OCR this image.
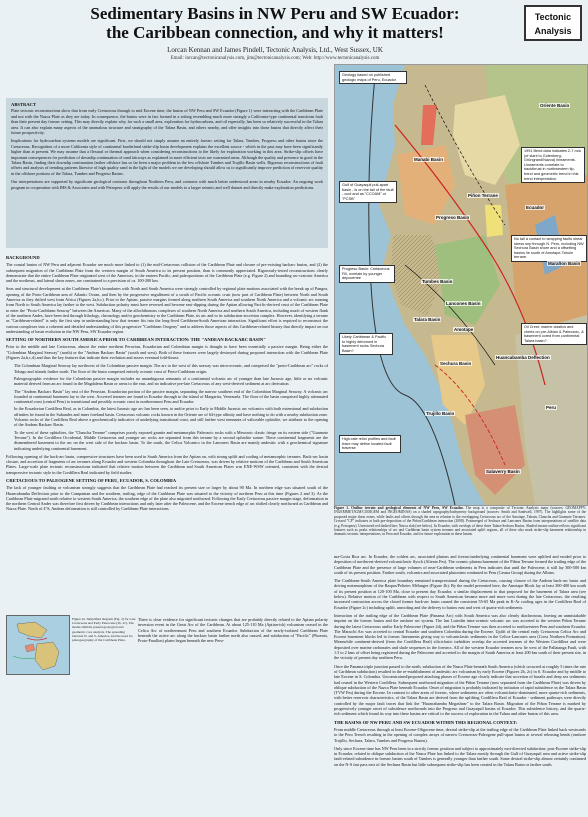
Sedimentary Basins in NW Peru and SW Ecuador:
the Caribbean connection, and why it matters!
Tectonic
Analysis
Lorcan Kennan and James Pindell, Tectonic Analysis, Ltd., West Sussex, UK
Email: lorcan@tectonicanalysis.com, jim@tectonicanalysis.com; Web: http://www.tectonicanalysis.com
ABSTRACT

Plate tectonic reconstructions show that from early Cretaceous through to mid Eocene time, the basins of NW Peru and SW Ecuador (Figure 1) were interacting with the Caribbean Plate and not with the Nazca Plate as they are today. In consequence, the basins were in fact formed in a setting resembling much more strongly a California-type continental transform fault than their present day forearc setting. This may directly explain why, for such a small area, exploration for hydrocarbons, and oil especially, has been so relatively successful in the Talara area. It can also explain many aspects of the anomalous structure and stratigraphy of the Talara Basin, and others nearby, and offer insights into those basins that directly affect their future prospectivity.

Implications for hydrocarbon systems models are significant. First, we should not simply assume an entirely forearc setting for Talara, Tumbes, Progreso and other basins since the Cretaceous. Recognition of a more California style of continental borderland strike-slip basin development explains the excellent source - which in the past may have been significantly higher than at present. We may assume that a flexural or thermal approach when considering reconstructions to the likely for exploration working in this area. Strike-slip offsets have important consequences for prediction of downdip continuation of sand fairways as explained in more efficient tests are warranted areas. Although the quality and presence in good in the Talara Basin, finding their downdip continuation farther offshore has so far been a major problem in the few offshore Tumbes and Trujillo Basin wells. Rigorous reconstructions of fault offsets and analysis of trending patterns likewise of high quality sand in the light of the models we are developing should allow us to significantly improve prediction of reservoir quality in the offshore portions of the Talara, Tumbes and Progreso Basins.

Our interpretations are supported by significant geological contrasts throughout Northern Peru, and contrasts with much better understood areas in nearby Ecuador. An ongoing work program in cooperation with IHS & Associates and with Petroperu will apply the results of our models to a larger seismic and well dataset and directly make exploration predictions.

BACKGROUND

The coastal basins of NW Peru and adjacent Ecuador are much more linked to (1) the mid-Cretaceous collision of the Caribbean Plate and closure of pre-existing backarc basins, and (2) the subsequent migration of the Caribbean Plate from the western margin of South America to its present position, than is commonly appreciated. Rigorously-tested reconstructions clearly demonstrate that the entire Caribbean Plate originated west of the Americas, in the eastern Pacific, and paleopositions of the Caribbean Plate (e.g. Figure 2) and bounding arc-cratonic America and the northeast, and lateral shear zones, are constrained to a precision of ca. 100-200 km.

Seas and structural development at the Caribbean Plate's boundaries with North and South America were strongly controlled by regional plate motions associated with the break up of Pangea, opening of the Proto-Caribbean arm of Atlantic Ocean, and then by the progressive engulfment of a swath of Pacific oceanic crust (now part of Caribbean Plate) between North and South America as they drifted west from Africa (Figures 2a,b,c). Prior to the Aptian, passive margins formed along northern South America and southern North America and a volcanic arc running from North to South America lay farther to the west. Subduction polarity must have reversed and become east-dipping during the Aptian allowing Pacific-derived crust of the Caribbean Plate to enter the "Proto-Caribbean Seaway" between the Americas. Many of the allochthonous complexes of southern North America and northern South America, including much of western flank of the northern Andes, have been tied through lithology, chronology and/or geochemistry to the Caribbean Plate, its arc and to its subduction-accretion complex. However, identifying a terrane as "Caribbean-related" is only the first step in understanding how that terrane fits into the long-lived Caribbean-South American interaction. Significant effort is required to reconstruct the various complexes into a coherent and detailed understanding of this progressive "Caribbean Orogeny" and to address those aspects of this Caribbean-related history that directly impact on our understanding of basin evolution in the NW Peru, SW Ecuador region.

SETTING OF NORTHERN SOUTH AMERICA PRIOR TO CARIBBEAN INTERACTION: THE "ANDEAN BACKARC BASIN"

Prior to the middle and late Cretaceous, almost the entire northern Peruvian, Ecuadorian and Colombian margin is thought to have been essentially a passive margin. Being either the "Colombian Marginal Seaway" (north) or the "Andean Backarc Basin" (south and west). Both of these features were largely destroyed during proposed interaction with the Caribbean Plate (Figures 2a,b,c,d) and thus the key features that indicate their evolution and assess eventual fold-thrust:

• The Colombian Marginal Seaway lay northwest of the Colombian passive margin. The arc to the west of this seaway was intra-oceanic, and comprised the "proto-Caribbean arc" rocks of Tobago and islands farther north. The floor of the basin comprised entirely oceanic crust of Proto-Caribbean origin.
• Paleogeographic evidence for the Colombian passive margin includes no unambiguous remnants of a continental volcanic arc of younger than late Jurassic age, little or no volcanic material derived from an arc found in the Magdalena Basin or areas to the east, and no indicative pre-late Cretaceous of any west-derived sediment at arc derivation.
• The "Andean Backarc Basin" lay east of the Peruvian, Ecuadorian portion of the passive margin, separating the narrow southern end of the Colombian Marginal Seaway. A volcanic arc founded at continental basement lay to the west. Accreted terranes are found in Ecuador through to the island of Margarita, Venezuela. The floor of the basin comprised highly attenuated continental crust (central Peru) to transitional and possibly oceanic crust in northernmost Peru and Ecuador.
• In the Ecuadorian Cordillera Real, as in Colombia, the latest Jurassic age arc has been seen, to and/or prior to Early to Middle Jurassic arc volcanics with both extensional and subduction affinities be found in the Subandes and inner foreland basin. Cretaceous volcanic rocks known in the Oriente are of 64-type affinity and have nothing to do with a nearby subduction zone. Volcanic rocks of the Cordillera Real above a geochemically indicative of underlying transitional crust, and still farther west remnants of valiceable ophiolite, we attribute to the opening of the Andean Backarc Basin.
• To the west of these ophiolites, the "Chaucha Terrane" comprises poorly exposed granite and metamorphic Paleozoic rocks with a Mesozoic clastic fringe on its eastern side ("Guamote Terrane"). In the Cordillera Occidental, Middle Cretaceous and younger arc rocks are separated from this terrane by a second ophiolite suture. These continental fragments are the dismembered basement to the arc on the west side of the backarc basin. To the south, the Celica Volcanics in the Lancones Basin are mainly andesitic with a geochemical signature indicating underlying continental basement.

Following opening of the back-arc basin, compressive structures have been used in South America from the Aptian on, with strong uplift and cooling of metamorphic terranes. Back-arc basin closure, and accretion of fragments of arc terranes along Ecuador and western Colombia throughout the Late Cretaceous, was driven by relative motions of the Caribbean and South American Plates. Large-scale plate tectonic reconstructions indicated that relative motion between the Caribbean and South American Plates was ENE-WSW oriented, consistent with the dextral transpressive tectonic style in the Cordillera Real indicated by field studies.

CRETACEOUS TO PALEOGENE SETTING OF PERU, ECUADOR, S. COLOMBIA

The lack of younger faulting or volcanism strongly suggests that the Caribbean Plate had reached its present size or larger by about 90 Ma. In northern edge was situated south of the Huancabamba Deflection prior to the Campanian and the southern, trailing, edge of the Caribbean Plate was situated to the vicinity of northern Peru at this time (Figures 2 and 3). As the Caribbean Plate migrated north relative to western South America, the southern edge of the plate also migrated northward. Following the Early Cretaceous passive margin stage, deformation in the northern Central Andes was therefore first driven by Caribbean interactions and only later after the Paleocene, and the Eocene trench edge of arc shifted clearly northward as Caribbean and Nazca Plate. North of 4°S, Andean deformation is still controlled by Caribbean Plate interactions.

Figure 2a. Simplified diagram (Fig. 2) for Late Cretaceous and Early Paleocene (2b, 2c). The model exhibits present geological and geometric core analysis. The spreading between N. and S. America, and the need for paleogeography of the Caribbean Plate.

There is clear evidence for significant tectonic changes that are probably directly related to the Aptian polarity inversion event in the Great Arc of the Caribbean. At about 125-110 Ma (Aptian-ish) volcanism ceased in the Celica Arc of northernmost Peru and southern Ecuador. Subduction of the newly-isolated Caribbean Plate beneath the active arc along the backarc basin farther north also caused, and subduction of "Pacific" (Phoenix, Proto-Farallon) plates began beneath the new Peru-

Geology based on published geologic maps of Peru, Ecuador
1991 Bend data indicates 2-7 m/a (of slant to Gutenberg-Grüngrand/Nazca) lineaments. Lineaments correlate to backthrust in northwestern tip, trend and geometric trend in this trend interpretation.
Gulf of Guayaquil pull-apart basin - is on the tail of the fault - cool and as "CCOAM" or "PCSB"
No tall a contact to wrapping faults shear stress sep through N. Peru, including NW Sechura Basin shore and a offsetting basins lie south of Amotape-Tahuin terrane.
Progreso Basin: Cretaceous Fill, overlain by younger depocentre
Oil Crest: marine clastics and cherts on pre-Albian & Paleozoic, & basement cored from continental Talara basin?
Likely Caribbean & Pacific to highly deformed in basement rocks Sechura Basin?
High-rate relict profiles and fault trace may define located fault traverse
Manabi Basin
Oriente Basin
Progreso Basin
Piñon Terrane
Tumbes Basin
Lancones Basin
Talara Basin
Amotape
Sechura Basin
Huancabamba Deflection
Marañon Basin
Trujillo Basin
Salaverry Basin
Peru
Ecuador
Figure 1. Outline terrain and geological elements of NW Peru, SW Ecuador. The map is a composite of Tectonic Analysis maps (sources: GEOMAPPY: INGEMMET/IGM/CODIGEM and INGEOMINAS) on a shaded topography/bathymetry background (sources: Smith and Sandwell, 1997). The highlights some of the proposed major shear zones, while faults and offsets through the area in relation to the overlapping Cretaceous arc of the Amotape, Tahuin, Chaucha and Guamote Terranes. Crossed "CP" indicates at both pre-deposition of the Piñon/Caribbean interaction (2008). Postmerged of Sechura and Lancones Basins from interpretations of satellite data (e.g. Petroperu). Unrestored red dashed line; Nazca slab (see below). In Ecuador, with overlaps of these three Talara-Sechura Basins. Shaded terrane outline reflects significant features such as peaks relationships of arc and Caribbean basin system terranes and associated uplift regions, all of these also mark strike-slip basement relationship in dramatic tectonic interpretations, in Peru and Ecuador, and for future exploration in these basins.

ma-Costa Rica arc. In Ecuador, the coldest arc, associated plutons and forearc/underlying continental basement were uplifted and eroded prior to deposition of northwest-derived volcaniclastic flysch (Aliento Fm). The oceanic plateau basement of the Piñon Terrane formed the trailing edge of the Caribbean Plate and the presence of large volumes of near-Caribbean sediments in Peru indicates that until the Paleocene, it still lay 300-500 km south of its present position. Farther south, volcanics and associated plutonism continued in Peru (Casma Group) during the Albian.

The Caribbean-South America plate boundary remained transpressional during the Cretaceous, causing closure of the Andean back-arc basin and driving metamorphism of the Raspas/Peltetec Mélanges (Figure 2b). By the model presented here, the Amotape Block lay at least 300-400 km south of its present position at 120-100 Ma, close to present day Ecuador, a similar displacement to that proposed for the basement of Talara area (see below). Relative motion of the Caribbean with respect to South American became more and more west during the late Cretaceous, the resulting increased contraction across the closed former back-arc basin caused the consistent 55-65 Ma peak in K-Ar cooling ages in the Cordillera Real of Ecuador (Figure 2c) including uplift, unroofing and the delivery to basins east and west of quartz-rich sediments.

Interaction of the trailing edge of the Caribbean Plate (Panama Arc) with South America was also clearly diachronous, leaving an unmistakable imprint on the forearc basins and the onshore arc system. The last Luteolin intra-oceanic volcanic arc was accreted to the western Piñon Terrane during the latest Cretaceous and/or Early Paleocene (Figure 2d), and the Piñon Terrane was then accreted to northwestern Peru and southern Ecuador. The Macuchi Arc was accreted to central Ecuador and southern Colombia during the Eocene. Uplift of the central early Cretaceous Celica Arc and Eocene basement blocks led to forearc lineaments giving way to volcaniclastic sediments in the Celica-Lancones area (Cross Northern Formation). Meanwhile continent-derived (from the Cordillera Real) siliciclastic turbidites overlap the accreted terranes of the Western Cordillera and were deposited over marine carbonates and shale sequences in the forearcs. All of the western Ecuador terranes now lie west of the Pallatanga Fault, with 1.5 to 2 kms of offset being registered during the Paleocene and accreted to the margin of South America at least 200 km south of their present site, in the vicinity of present day northern Peru.

Once the Panama triple junction passed to the north, subduction of the Nazca Plate beneath South America (which occurred at roughly 5 times the rate of Caribbean subduction) resulted in the re-establishment of andesitic arc volcanism by early Eocene (Figures 2b, 2c) in S. Ecuador and by middle to late Eocene in S. Colombia. Unconstrained/proposed attaching phases of Eocene age clearly indicate that accretion of basalts and deep sea sediments had ceased in the Western Cordillera. Subsequent northward migration of the Piñon Terrane (now separated from the Caribbean Plate) was driven by oblique subduction of the Nazca Plate beneath Ecuador. Onset of migration is probably indicated by initiation of rapid subsidence in the Talara Basin (TVW Fm) during the Eocene. In contrast to other areas of forearc, where sediments are often volcaniclastic-dominated, more quartz-rich sediments, with better reservoir characteristics, of the Talara Basin are derived from the uplifting Cordillera Real of Ecuador - sediment pathways were directly controlled by the major fault traces that link the "Huancabamba Megashear" to the Talara Basin. Migration of the Piñon Terrane is marked by progressively younger onset of subsidence northwards into the Progreso and Guayaquil basins of Ecuador. This subsidence history, and the quartz-rich sediment which found its way into these basins are critical to the success of exploration in the Talara and other basins of this area.

THE BASINS OF NW PERU AND SW ECUADOR WITHIN THIS REGIONAL CONTEXT:

From middle Cretaceous through at least Eocene-Oligocene time, dextral strike-slip at the trailing edge of the Caribbean Plate linked back westwards to the Peru Trench resulting in the opening of complex arrays of narrow Cretaceous-Paleogene pull-apart basins at several releasing bends (onshore Trujillo, Sechura, Talara, Tumbes and Progreso Basins).

Only since Eocene time has NW Peru been in a strictly forearc position and subject to approximately east-directed subduction; post-Eocene strike-slip in Ecuador, related to oblique subduction of the Nazca Plate has linked to the Talara mostly through the Gulf of Guayaquil area and active strike-slip fault-related subsidence in forearc basins south of Tumbes is generally younger than farther south. Some dextral strike-slip almost certainly continued on the N-S fast pass east of the Sechura Basin but little subsequent strike-slip has been created in the Talara Basin or farther south.
